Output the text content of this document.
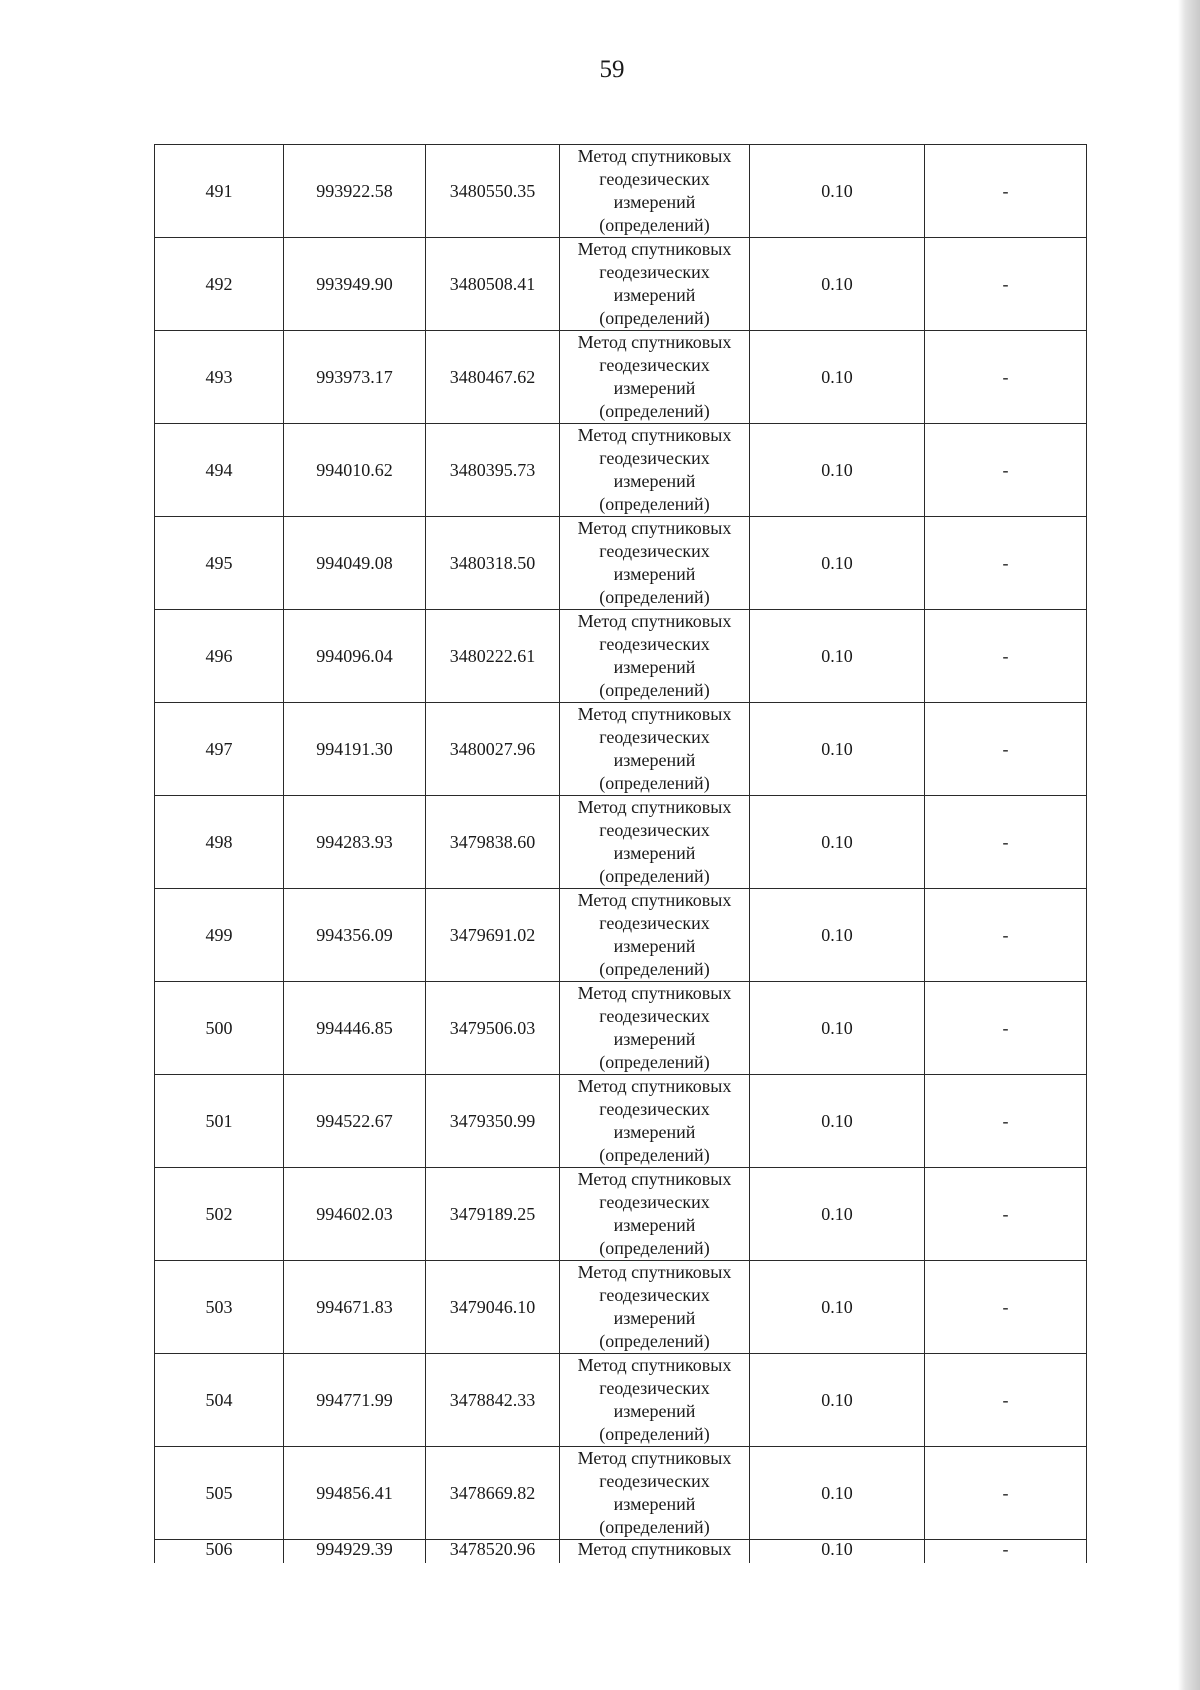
59
491	993922.58	3480550.35	Метод спутниковых
геодезических
измерений
(определений)	0.10	-
492	993949.90	3480508.41	Метод спутниковых
геодезических
измерений
(определений)	0.10	-
493	993973.17	3480467.62	Метод спутниковых
геодезических
измерений
(определений)	0.10	-
494	994010.62	3480395.73	Метод спутниковых
геодезических
измерений
(определений)	0.10	-
495	994049.08	3480318.50	Метод спутниковых
геодезических
измерений
(определений)	0.10	-
496	994096.04	3480222.61	Метод спутниковых
геодезических
измерений
(определений)	0.10	-
497	994191.30	3480027.96	Метод спутниковых
геодезических
измерений
(определений)	0.10	-
498	994283.93	3479838.60	Метод спутниковых
геодезических
измерений
(определений)	0.10	-
499	994356.09	3479691.02	Метод спутниковых
геодезических
измерений
(определений)	0.10	-
500	994446.85	3479506.03	Метод спутниковых
геодезических
измерений
(определений)	0.10	-
501	994522.67	3479350.99	Метод спутниковых
геодезических
измерений
(определений)	0.10	-
502	994602.03	3479189.25	Метод спутниковых
геодезических
измерений
(определений)	0.10	-
503	994671.83	3479046.10	Метод спутниковых
геодезических
измерений
(определений)	0.10	-
504	994771.99	3478842.33	Метод спутниковых
геодезических
измерений
(определений)	0.10	-
505	994856.41	3478669.82	Метод спутниковых
геодезических
измерений
(определений)	0.10	-
506	994929.39	3478520.96	Метод спутниковых	0.10	-
